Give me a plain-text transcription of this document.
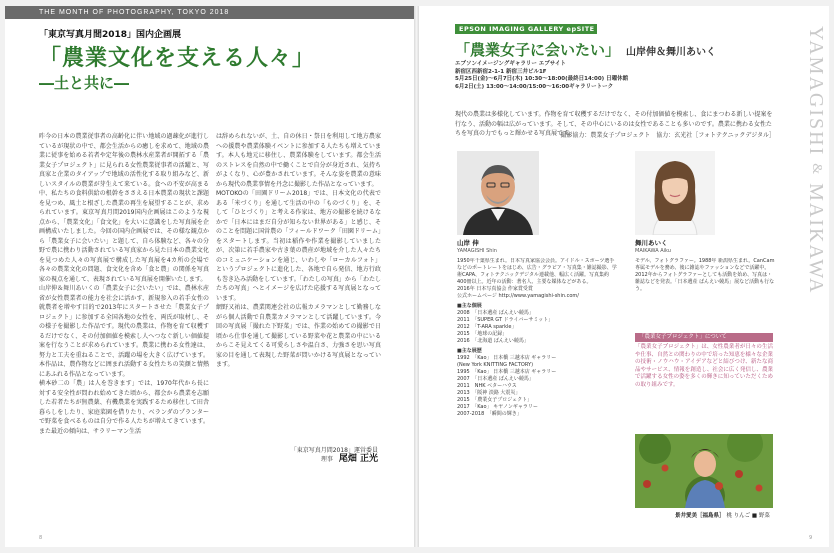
THE MONTH OF PHOTOGRAPHY, TOKYO 2018
「東京写真月間2018」国内企画展
「農業文化を支える人々」
―土と共に―
昨今の日本の農業従事者の高齢化に伴い地域の過疎化が進行しているが現状の中で、都会生活からの癒しを求めて、地域の農業に従事を始める若者や定年後の農林水産業者が開拓する「農業女子プロジェクト」に見られる女性農業従事者の活躍と、写真家と企業のタイアップで地域の活性化する取り組みなど、新しいスタイルの農業が芽生えて来ている。食への不安が高まる中、私たちの食料供給の根幹をささえる日本農業の現状と課題を見つめ、風土と根ざした農業の再生を展望することが、求められています。東京写真月間2019国内企画展はこのような視点から、「農業文化」「食文化」を大いに意識をした写真展を企画構成いたしました。今回の国内企画展では、その様な観点から「農業女子に会いたい」と題して、自ら体験など、各々の分野で農に携わり活動されている写真家から見た日本の農業文化を見つめた人々の写真展で構成した写真展を4カ所の会場で各々の農業文化の問題、食文化を含め「食と農」の関係を写真家の視点を通して、表現されている写真展を開催いたします。
山岸伸＆舞川あいくの「農業女子に会いたい」では、農林水産省が女性農業者の能力を社会に活かす、新規参入の若手女性の就農者を増やす目的で2013年にスタートさせた「農業女子プロジェクト」に参加する全国各地の女性を、両氏が取材し、その様子を撮影した作品です。現代の農業は、作物を育て収穫するだけでなく、その付加価値を模索し人へつなぐ新しい価値提案を行なうことが求められています。農業に携わる女性達は、努力と工夫を重ねることで、活躍の場を大きく広げています。本作品は、農作物などに囲まれ活動する女性たちの笑顔と情熱にあふれる作品となっています。
横本砂二の「農」は人を巻きます」では、1970年代から長に対する安全性が問われ始めてきた頃から、都会から農業を志願した若者たちが無農薬、有機農業を実践するため移住して田舎暮らしをしたり、家庭菜園を借りたり、ベランダのプランターで野菜を食べるものは自分で作る人たちが増えてきています。また最近の傾向は、サラリーマン生活
は辞められないが、土、自の休日・祭日を利用して地方農家への援農や農業体験イベントに参加する人たちも増えています。本人も地元に移住し、農業体験をしています。都会生活のストレスを自然の中で働くことで自分が身近され、気持ちがよくなり、心が豊かされています。そんな姿を農業の意味から現代の農業事情を丹念に撮影した作品となっています。
MOTOKOの「田園ドリーム2018」では、日本文化の代表である「米づくり」を通して生活の中の「ものづくり」を、そして「ひとづくり」と考える作家は、地方の撮影を続けるなかで「日本にはまだ自分が知らない世界がある」と感じ、そのことを問題に国営農の「フィールドワーク「田園ドリーム」をスタートします。当初は稲作や作業を撮影していましたが、次第に若手農家や古き葉の農産が地域を介した人々たちのコミュニケーションを通じ、いわしや「ローカルフォト」というプロジェクトに進化した、各地で自ら発信、地方行政も巻き込み活動をしています。「わたしの写真」から「わたしたちの写真」へとイメージを広げた応援する写真展となっています。
網野又祐は、農業関連会社の広報カメラマンとして勤務しながら個人活動で自農業カメラマンとして活躍しています。今回の写真展「撮れた下野菜」では、作業の始めての撮影で日頃から仕事を通して撮影している野菜や花と農業の中にいるからこそ見えてくる可愛らしさや温白さ、力強さを思い写真家の目を通して表現した野菜が問いかける写真展となっています。
「東京写真月間2018」運営委員
理事　 尾畑 正光
8
EPSON IMAGING GALLERY epSITE
「農業女子に会いたい」 山岸伸＆舞川あいく
エプソンイメージングギャラリー エプサイト
新宿区西新宿2-1-1 新宿三井ビル1F
5月25日(金)〜6月7日(木) 10:30〜18:00(最終日14:00) 日曜休館
6月2日(土) 13:00〜14:00/15:00〜16:00ギャラリートーク
現代の農業は多様化しています。作物を育て収穫するだけでなく、その付加価値を模索し、食にまつわる新しい提案を行なう、活動の幅は広がっています。そして、その中心にいるのは女性であることも多いのです。農業に携わる女性たちを写真の力でもっと輝かせる写真展です。
撮影協力：農業女子プロジェクト　協力：玄光社［フォトテクニックデジタル］
山岸 伸
YAMAGISHI Shin
1950年千葉県生まれ。日本写真家協会会員。アイドル・スポーツ選手などのポートレートをはじめ、広告・グラビア・写真集・雑誌撮影、学術CAPA、フォトテクニックデジタル連載他、幅広く活躍。写真集約400冊以上。近年の活動：著名人、主要な媒体などがある。
2016年 日本写真協会 作家賞受賞
公式ホームページ http://www.yamagishi-shin.com/
■主な個展
2008　「日本遺産 ばんえい競馬」
2011　「SUPER GT ドライバーサミット」
2012　「T-ARA sparkle」
2015　「地球の記録」
2016　「北海道 ばんえい競馬」
■主な展歴
1992　「Kao」 日本橋 三越本店 ギャラリー
(New York KNITTING FACTORY)
1995　「Kao」 日本橋 三越本店 ギャラリー
2007　「日本遺産 ばんえい競馬」
2011　NHK ベターハウス
2013　「阪神 淡路 大震災」
2015　「農業女子プロジェクト」
2017　「Kao」 キヤノンギャラリー
2007-2018　「瞬間の輝き」
舞川あいく
MAIKAWA Aiku
モデル、フォトグラファー。1988年 新潟県生まれ。CanCam専属モデルを務め、後に雑誌やファッションなどで活躍中。2012年からフォトグラファーとしても活動を始め、写真は・雑誌などを発表。「日本遺産 ばんえい競馬」展など活動も行なう。
「農業女子プロジェクト」について
「農業女子プロジェクト」は、女性農業者が日々の生活や仕事、自然との関わりの中で培った知恵を様々な企業の技術・ノウハウ・アイデアなどと結びつけ、新たな商品やサービス、情報を創造し、社会に広く発信し、農業で活躍する女性の姿を多くの輝きに知っていただくための取り組みです。
景井愛美［福島県］ 桃 りんご ■ 野菜
YAMAGISHI & MAIKAWA
9
